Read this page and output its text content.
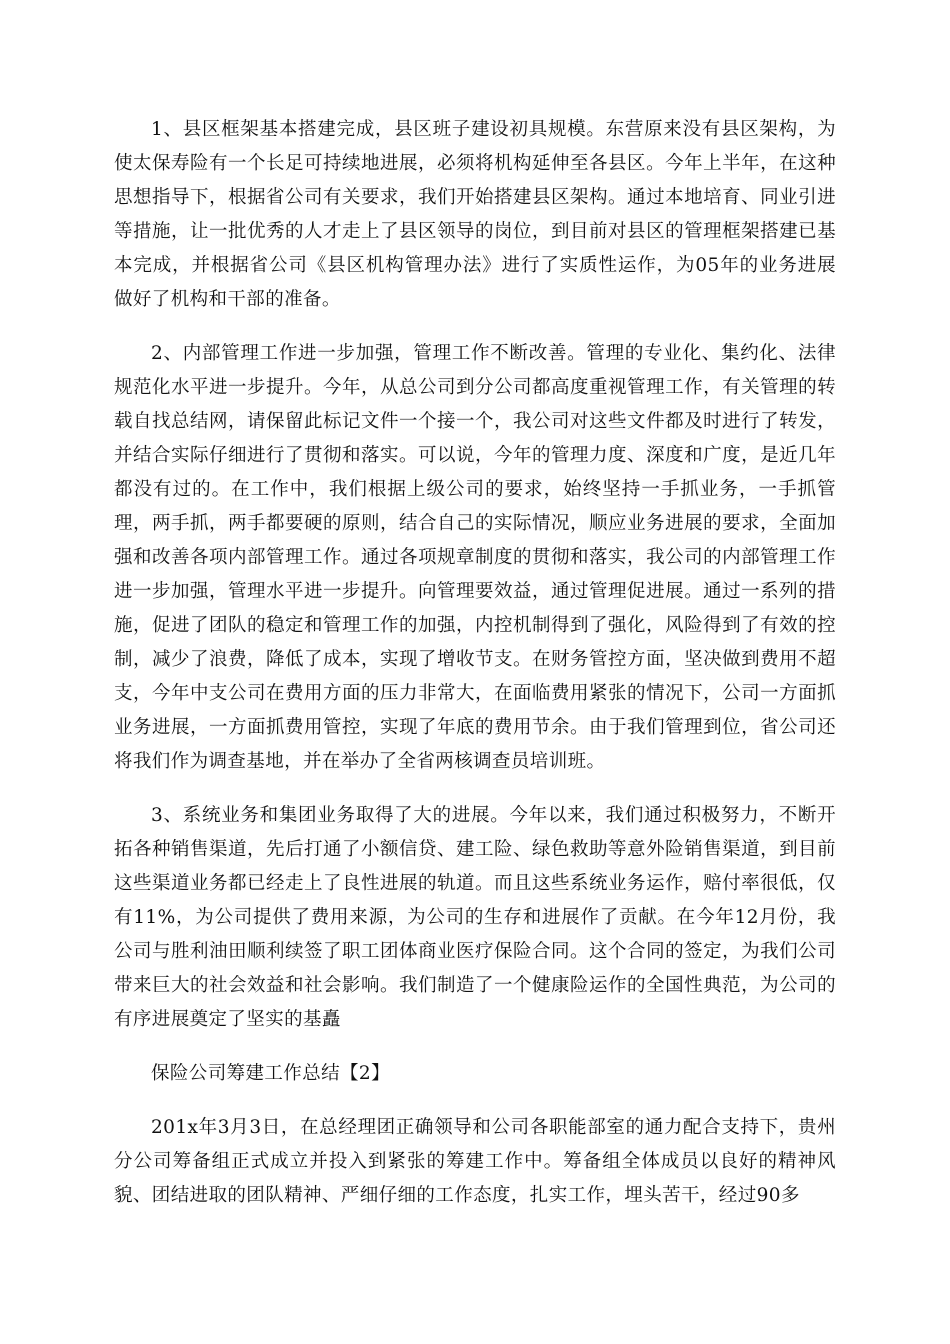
1、县区框架基本搭建完成，县区班子建设初具规模。东营原来没有县区架构，为使太保寿险有一个长足可持续地进展，必须将机构延伸至各县区。今年上半年，在这种思想指导下，根据省公司有关要求，我们开始搭建县区架构。通过本地培育、同业引进等措施，让一批优秀的人才走上了县区领导的岗位，到目前对县区的管理框架搭建已基本完成，并根据省公司《县区机构管理办法》进行了实质性运作，为05年的业务进展做好了机构和干部的准备。

2、内部管理工作进一步加强，管理工作不断改善。管理的专业化、集约化、法律规范化水平进一步提升。今年，从总公司到分公司都高度重视管理工作，有关管理的转载自找总结网，请保留此标记文件一个接一个，我公司对这些文件都及时进行了转发，并结合实际仔细进行了贯彻和落实。可以说，今年的管理力度、深度和广度，是近几年都没有过的。在工作中，我们根据上级公司的要求，始终坚持一手抓业务，一手抓管理，两手抓，两手都要硬的原则，结合自己的实际情况，顺应业务进展的要求，全面加强和改善各项内部管理工作。通过各项规章制度的贯彻和落实，我公司的内部管理工作进一步加强，管理水平进一步提升。向管理要效益，通过管理促进展。通过一系列的措施，促进了团队的稳定和管理工作的加强，内控机制得到了强化，风险得到了有效的控制，减少了浪费，降低了成本，实现了增收节支。在财务管控方面，坚决做到费用不超支，今年中支公司在费用方面的压力非常大，在面临费用紧张的情况下，公司一方面抓业务进展，一方面抓费用管控，实现了年底的费用节余。由于我们管理到位，省公司还将我们作为调查基地，并在举办了全省两核调查员培训班。

3、系统业务和集团业务取得了大的进展。今年以来，我们通过积极努力，不断开拓各种销售渠道，先后打通了小额信贷、建工险、绿色救助等意外险销售渠道，到目前这些渠道业务都已经走上了良性进展的轨道。而且这些系统业务运作，赔付率很低，仅有11%，为公司提供了费用来源，为公司的生存和进展作了贡献。在今年12月份，我公司与胜利油田顺利续签了职工团体商业医疗保险合同。这个合同的签定，为我们公司带来巨大的社会效益和社会影响。我们制造了一个健康险运作的全国性典范，为公司的有序进展奠定了坚实的基矗

保险公司筹建工作总结【2】

201x年3月3日，在总经理团正确领导和公司各职能部室的通力配合支持下，贵州分公司筹备组正式成立并投入到紧张的筹建工作中。筹备组全体成员以良好的精神风貌、团结进取的团队精神、严细仔细的工作态度，扎实工作，埋头苦干，经过90多
